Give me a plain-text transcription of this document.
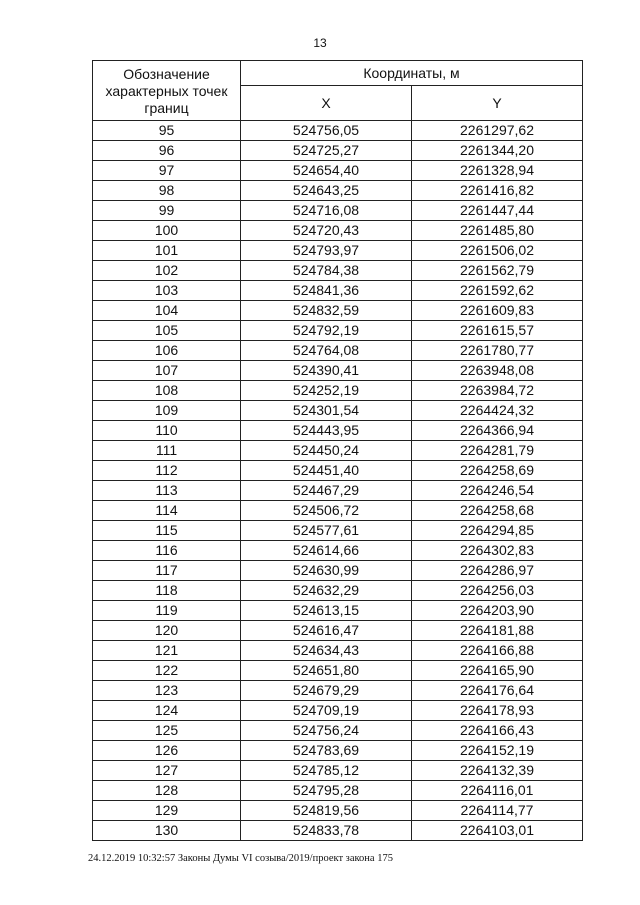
13
Обозначение характерных точек границ	Координаты, м	
	X	Y
95	524756,05	2261297,62
96	524725,27	2261344,20
97	524654,40	2261328,94
98	524643,25	2261416,82
99	524716,08	2261447,44
100	524720,43	2261485,80
101	524793,97	2261506,02
102	524784,38	2261562,79
103	524841,36	2261592,62
104	524832,59	2261609,83
105	524792,19	2261615,57
106	524764,08	2261780,77
107	524390,41	2263948,08
108	524252,19	2263984,72
109	524301,54	2264424,32
110	524443,95	2264366,94
111	524450,24	2264281,79
112	524451,40	2264258,69
113	524467,29	2264246,54
114	524506,72	2264258,68
115	524577,61	2264294,85
116	524614,66	2264302,83
117	524630,99	2264286,97
118	524632,29	2264256,03
119	524613,15	2264203,90
120	524616,47	2264181,88
121	524634,43	2264166,88
122	524651,80	2264165,90
123	524679,29	2264176,64
124	524709,19	2264178,93
125	524756,24	2264166,43
126	524783,69	2264152,19
127	524785,12	2264132,39
128	524795,28	2264116,01
129	524819,56	2264114,77
130	524833,78	2264103,01
24.12.2019 10:32:57 Законы Думы VI созыва/2019/проект закона 175
